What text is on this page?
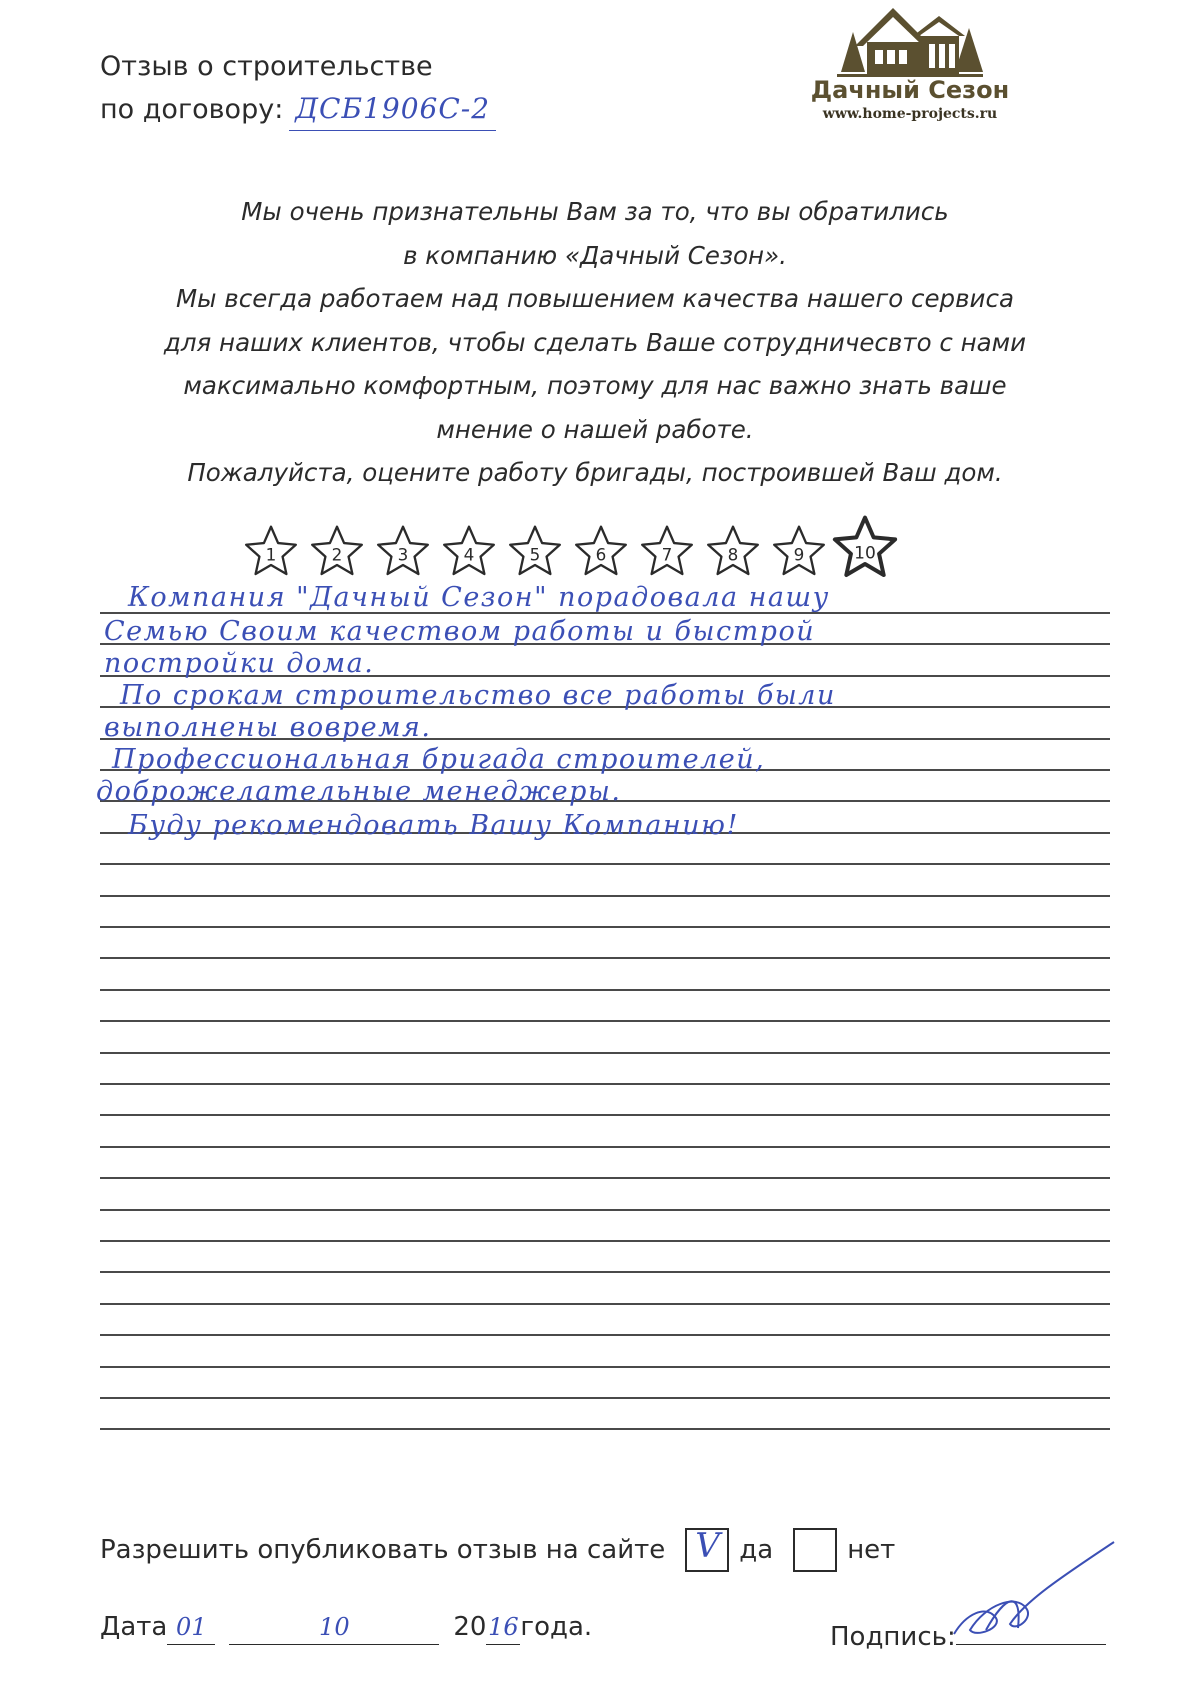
Отзыв о строительстве
по договору: ДСБ1906С-2
Дачный Сезон
www.home-projects.ru
Мы очень признательны Вам за то, что вы обратились
в компанию «Дачный Сезон».
Мы всегда работаем над повышением качества нашего сервиса
для наших клиентов, чтобы сделать Ваше сотрудничесвто с нами
максимально комфортным, поэтому для нас важно знать ваше
мнение о нашей работе.
Пожалуйста, оцените работу бригады, построившей Ваш дом.
1	2	3	4	5	6	7	8	9	10
Компания "Дачный Сезон" порадовала нашу
Семью Своим качеством работы и быстрой
постройки дома.
По срокам строительство все работы были
выполнены вовремя.
Профессиональная бригада строителей,
доброжелательные менеджеры.
Буду рекомендовать Вашу Компанию!
Разрешить опубликовать отзыв на сайте V да	нет
Дата 01	10	20 16 года.	Подпись:
